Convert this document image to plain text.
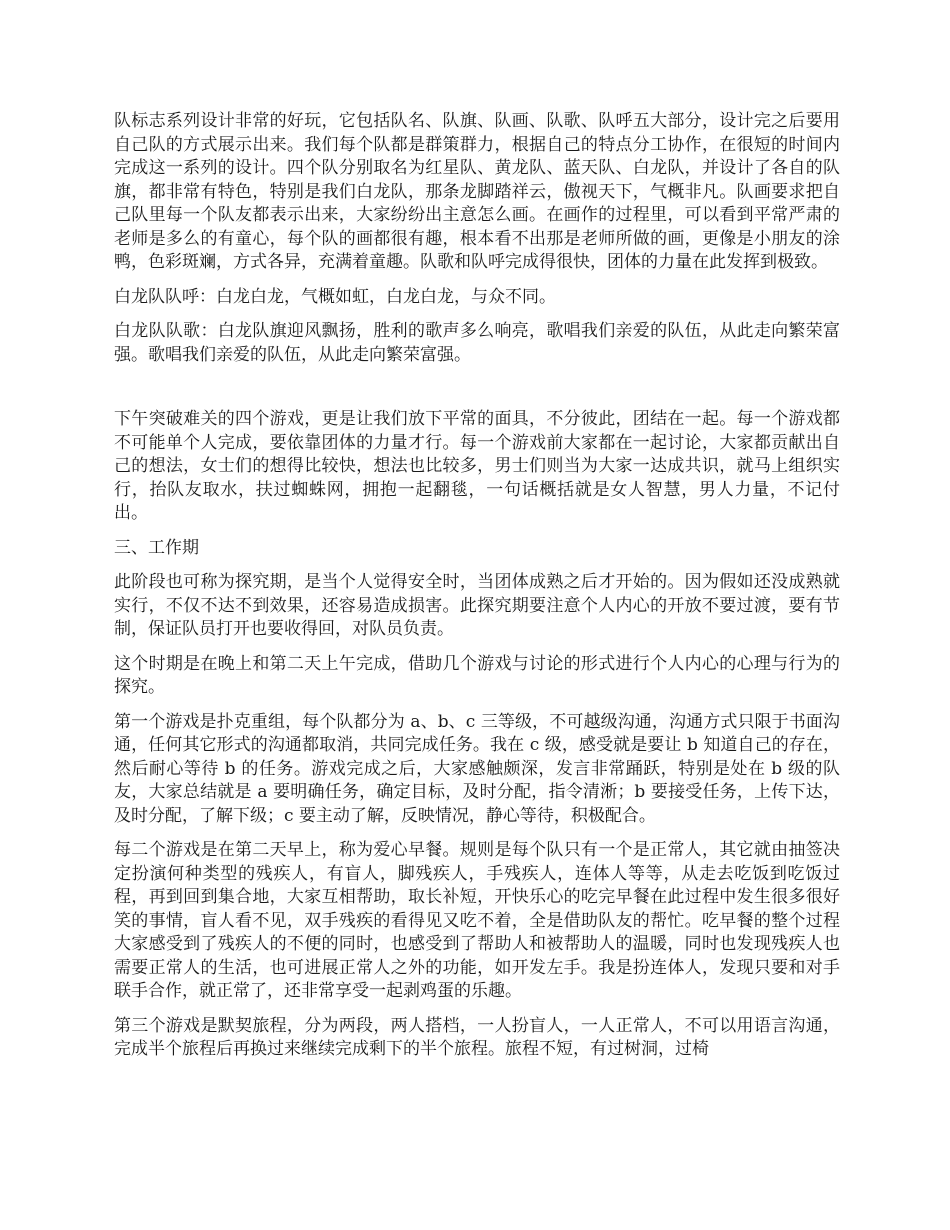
队标志系列设计非常的好玩，它包括队名、队旗、队画、队歌、队呼五大部分，设计完之后要用自己队的方式展示出来。我们每个队都是群策群力，根据自己的特点分工协作，在很短的时间内完成这一系列的设计。四个队分别取名为红星队、黄龙队、蓝天队、白龙队，并设计了各自的队旗，都非常有特色，特别是我们白龙队，那条龙脚踏祥云，傲视天下，气概非凡。队画要求把自己队里每一个队友都表示出来，大家纷纷出主意怎么画。在画作的过程里，可以看到平常严肃的老师是多么的有童心，每个队的画都很有趣，根本看不出那是老师所做的画，更像是小朋友的涂鸭，色彩斑斓，方式各异，充满着童趣。队歌和队呼完成得很快，团体的力量在此发挥到极致。

白龙队队呼：白龙白龙，气概如虹，白龙白龙，与众不同。

白龙队队歌：白龙队旗迎风飘扬，胜利的歌声多么响亮，歌唱我们亲爱的队伍，从此走向繁荣富强。歌唱我们亲爱的队伍，从此走向繁荣富强。

下午突破难关的四个游戏，更是让我们放下平常的面具，不分彼此，团结在一起。每一个游戏都不可能单个人完成，要依靠团体的力量才行。每一个游戏前大家都在一起讨论，大家都贡献出自己的想法，女士们的想得比较快，想法也比较多，男士们则当为大家一达成共识，就马上组织实行，抬队友取水，扶过蜘蛛网，拥抱一起翻毯，一句话概括就是女人智慧，男人力量，不记付出。

三、工作期

此阶段也可称为探究期，是当个人觉得安全时，当团体成熟之后才开始的。因为假如还没成熟就实行，不仅不达不到效果，还容易造成损害。此探究期要注意个人内心的开放不要过渡，要有节制，保证队员打开也要收得回，对队员负责。

这个时期是在晚上和第二天上午完成，借助几个游戏与讨论的形式进行个人内心的心理与行为的探究。

第一个游戏是扑克重组，每个队都分为 a、b、c 三等级，不可越级沟通，沟通方式只限于书面沟通，任何其它形式的沟通都取消，共同完成任务。我在 c 级，感受就是要让 b 知道自己的存在，然后耐心等待 b 的任务。游戏完成之后，大家感触颇深，发言非常踊跃，特别是处在 b 级的队友，大家总结就是 a 要明确任务，确定目标，及时分配，指令清淅；b 要接受任务，上传下达，及时分配，了解下级；c 要主动了解，反映情况，静心等待，积极配合。

每二个游戏是在第二天早上，称为爱心早餐。规则是每个队只有一个是正常人，其它就由抽签决定扮演何种类型的残疾人，有盲人，脚残疾人，手残疾人，连体人等等，从走去吃饭到吃饭过程，再到回到集合地，大家互相帮助，取长补短，开快乐心的吃完早餐在此过程中发生很多很好笑的事情，盲人看不见，双手残疾的看得见又吃不着，全是借助队友的帮忙。吃早餐的整个过程大家感受到了残疾人的不便的同时，也感受到了帮助人和被帮助人的温暖，同时也发现残疾人也需要正常人的生活，也可进展正常人之外的功能，如开发左手。我是扮连体人，发现只要和对手联手合作，就正常了，还非常享受一起剥鸡蛋的乐趣。

第三个游戏是默契旅程，分为两段，两人搭档，一人扮盲人，一人正常人，不可以用语言沟通，完成半个旅程后再换过来继续完成剩下的半个旅程。旅程不短，有过树洞，过椅
